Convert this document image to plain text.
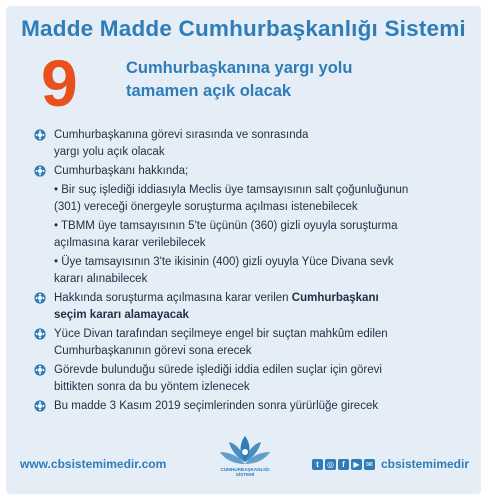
Madde Madde Cumhurbaşkanlığı Sistemi
9	Cumhurbaşkanına yargı yolu
tamamen açık olacak
Cumhurbaşkanına görevi sırasında ve sonrasında
yargı yolu açık olacak
Cumhurbaşkanı hakkında;
• Bir suç işlediği iddiasıyla Meclis üye tamsayısının salt çoğunluğunun
(301) vereceği önergeyle soruşturma açılması istenebilecek
• TBMM üye tamsayısının 5'te üçünün (360) gizli oyuyla soruşturma
açılmasına karar verilebilecek
• Üye tamsayısının 3'te ikisinin (400) gizli oyuyla Yüce Divana sevk
kararı alınabilecek
Hakkında soruşturma açılmasına karar verilen Cumhurbaşkanı
seçim kararı alamayacak
Yüce Divan tarafından seçilmeye engel bir suçtan mahkûm edilen
Cumhurbaşkanının görevi sona erecek
Görevde bulunduğu sürede işlediği iddia edilen suçlar için görevi
bittikten sonra da bu yöntem izlenecek
Bu madde 3 Kasım 2019 seçimlerinden sonra yürürlüğe girecek
CUMHURBAŞKANLIĞI
SİSTEMİ
www.cbsistemimedir.com	t	◎	f	▶ ✉ cbsistemimedir
